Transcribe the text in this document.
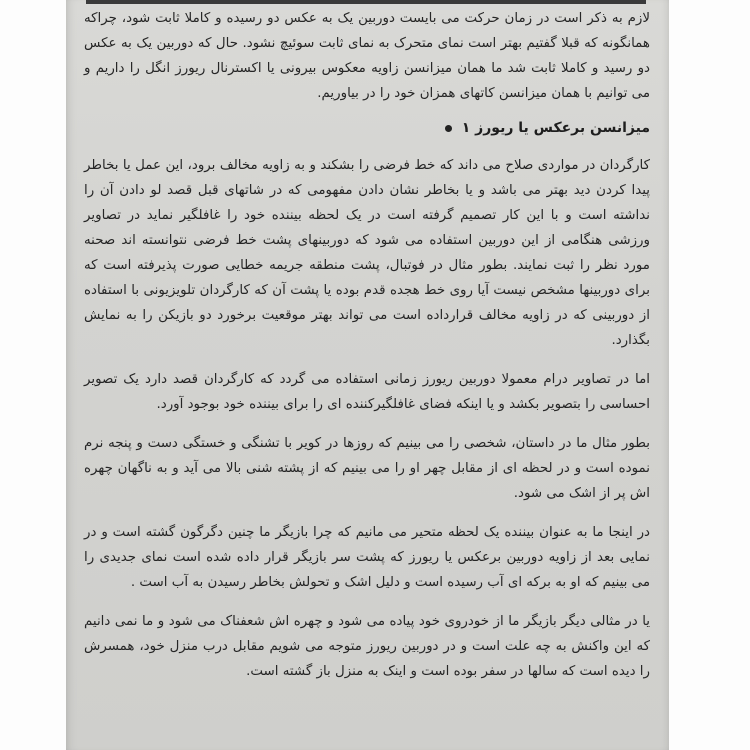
لازم به ذکر است در زمان حرکت می بایست دوربین یک به عکس دو رسیده و کاملا ثابت شود، چراکه همانگونه که قبلا گفتیم بهتر است نمای متحرک به نمای ثابت سوئیچ نشود. حال که دوربین یک به عکس دو رسید و کاملا ثابت شد ما همان میزانسن زاویه معکوس بیرونی یا اکسترنال ریورز انگل را داریم و می توانیم با همان میزانسن کاتهای همزان خود را در بیاوریم.

میزانسن برعکس یا ریورز ۱

کارگردان در مواردی صلاح می داند که خط فرضی را بشکند و به زاویه مخالف برود، این عمل یا بخاطر پیدا کردن دید بهتر می باشد و یا بخاطر نشان دادن مفهومی که در شاتهای قبل قصد لو دادن آن را نداشته است و با این کار تصمیم گرفته است در یک لحظه بیننده خود را غافلگیر نماید در تصاویر ورزشی هنگامی از این دوربین استفاده می شود که دوربینهای پشت خط فرضی نتوانسته اند صحنه مورد نظر را ثبت نمایند. بطور مثال در فوتبال، پشت منطقه جریمه خطایی صورت پذیرفته است که برای دوربینها مشخص نیست آیا روی خط هجده قدم بوده یا پشت آن که کارگردان تلویزیونی با استفاده از دوربینی که در زاویه مخالف قرارداده است می تواند بهتر موقعیت برخورد دو بازیکن را به نمایش بگذارد.

اما در تصاویر درام معمولا دوربین ریورز زمانی استفاده می گردد که کارگردان قصد دارد یک تصویر احساسی را بتصویر بکشد و یا اینکه فضای غافلگیرکننده ای را برای بیننده خود بوجود آورد.

بطور مثال ما در داستان، شخصی را می بینیم که روزها در کویر با تشنگی و خستگی دست و پنجه نرم نموده است و در لحظه ای از مقابل چهر او را می بینیم که از پشته شنی بالا می آید و به ناگهان چهره اش پر از اشک می شود.

در اینجا ما به عنوان بیننده یک لحظه متحیر می مانیم که چرا بازیگر ما چنین دگرگون گشته است و در نمایی بعد از زاویه دوربین برعکس یا ریورز که پشت سر بازیگر قرار داده شده است نمای جدیدی را می بینیم که او به برکه ای آب رسیده است و دلیل اشک و تحولش بخاطر رسیدن به آب است .

یا در مثالی دیگر بازیگر ما از خودروی خود پیاده می شود و چهره اش شعفناک می شود و ما نمی دانیم که این واکنش به چه علت است و در دوربین ریورز متوجه می شویم مقابل درب منزل خود، همسرش را دیده است که سالها در سفر بوده است و اینک به منزل باز گشته است.
